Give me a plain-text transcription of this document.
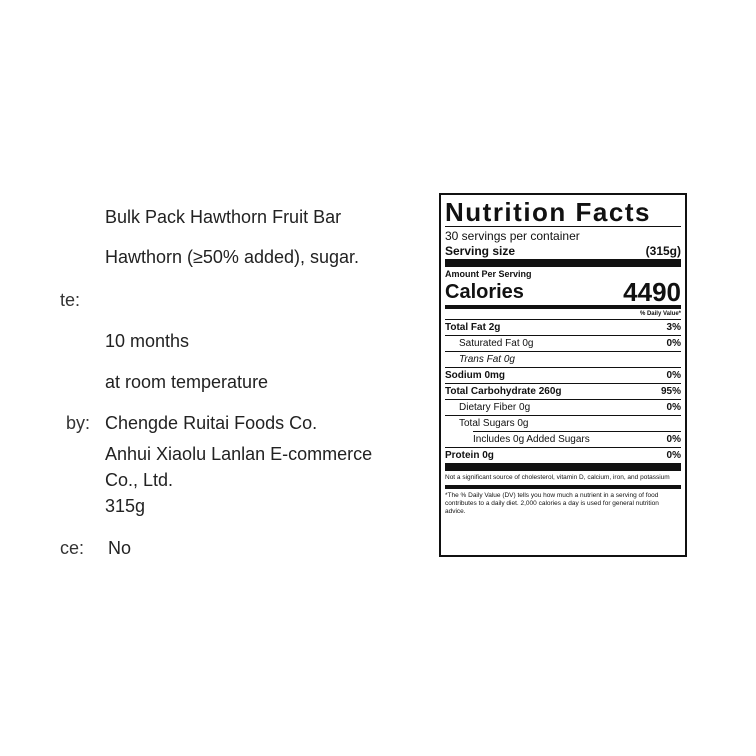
Bulk Pack Hawthorn Fruit Bar
Hawthorn (≥50% added), sugar.
te:
10 months
at room temperature
by: Chengde Ruitai Foods Co.
Anhui Xiaolu Lanlan E-commerce
Co., Ltd.
315g
ce: No
Nutrition Facts
30 servings per container
Serving size	(315g)
Amount Per Serving
Calories	4490
% Daily Value*
Total Fat 2g	3%
Saturated Fat 0g	0%
Trans Fat 0g
Sodium 0mg	0%
Total Carbohydrate 260g	95%
Dietary Fiber 0g	0%
Total Sugars 0g
Includes 0g Added Sugars	0%
Protein 0g	0%
Not a significant source of cholesterol, vitamin D, calcium, iron, and potassium
*The % Daily Value (DV) tells you how much a nutrient in a serving of food contributes to a daily diet. 2,000 calories a day is used for general nutrition advice.
